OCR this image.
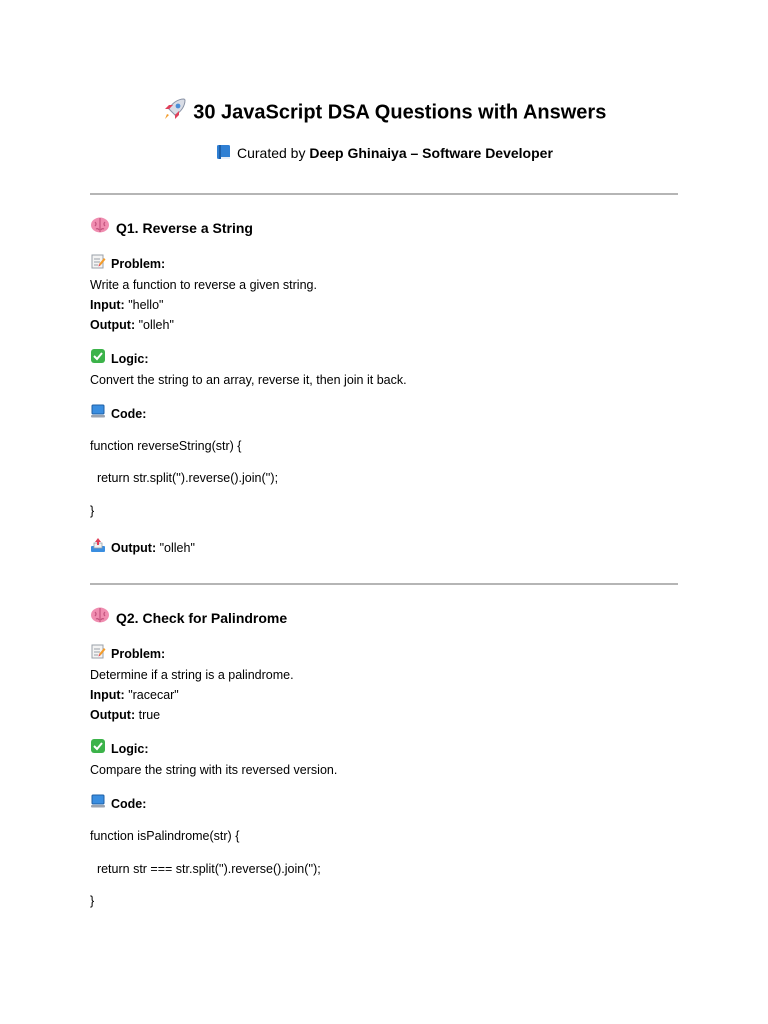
30 JavaScript DSA Questions with Answers
Curated by Deep Ghinaiya – Software Developer
Q1. Reverse a String
Problem:
Write a function to reverse a given string.
Input: "hello"
Output: "olleh"
Logic:
Convert the string to an array, reverse it, then join it back.
Code:
function reverseString(str) {
return str.split('').reverse().join('');
}
Output: "olleh"
Q2. Check for Palindrome
Problem:
Determine if a string is a palindrome.
Input: "racecar"
Output: true
Logic:
Compare the string with its reversed version.
Code:
function isPalindrome(str) {
return str === str.split('').reverse().join('');
}
